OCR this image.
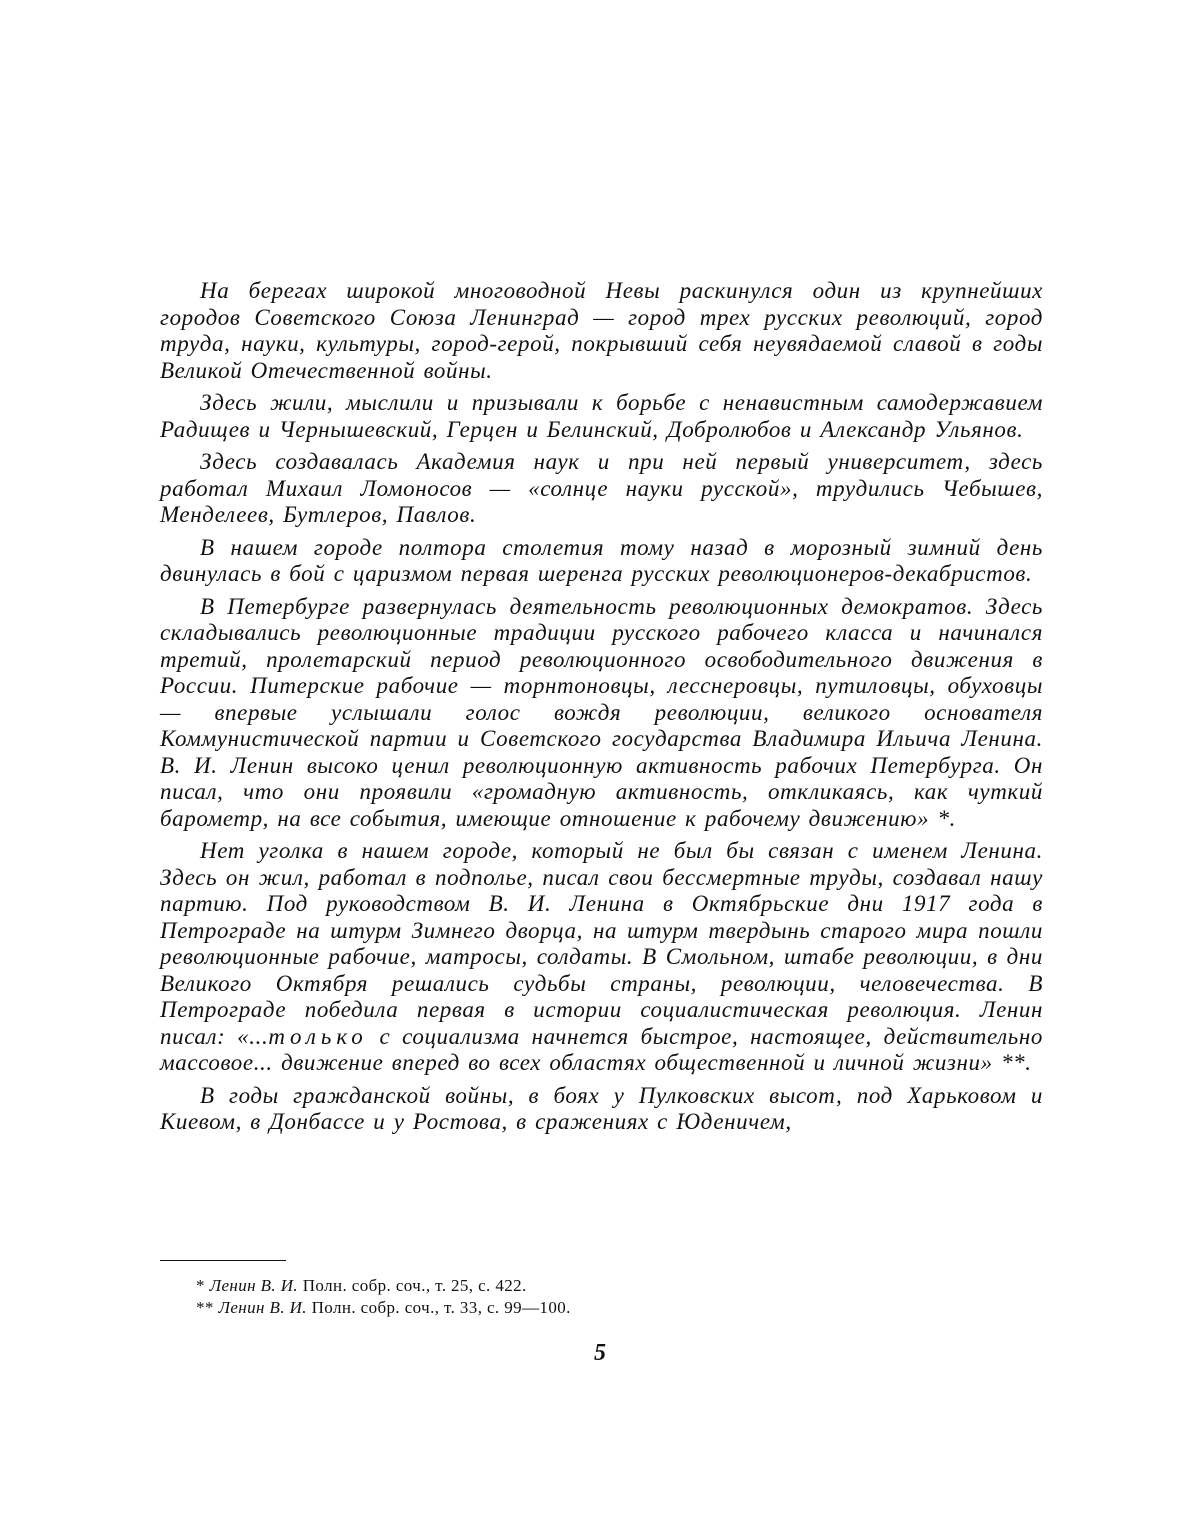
На берегах широкой многоводной Невы раскинулся один из крупнейших городов Советского Союза Ленинград — город трех русских революций, город труда, науки, культуры, город-герой, покрывший себя неувядаемой славой в годы Великой Отечественной войны.

Здесь жили, мыслили и призывали к борьбе с ненавистным самодержавием Радищев и Чернышевский, Герцен и Белинский, Добролюбов и Александр Ульянов.

Здесь создавалась Академия наук и при ней первый университет, здесь работал Михаил Ломоносов — «солнце науки русской», трудились Чебышев, Менделеев, Бутлеров, Павлов.

В нашем городе полтора столетия тому назад в морозный зимний день двинулась в бой с царизмом первая шеренга русских революционеров-декабристов.

В Петербурге развернулась деятельность революционных демократов. Здесь складывались революционные традиции русского рабочего класса и начинался третий, пролетарский период революционного освободительного движения в России. Питерские рабочие — торнтоновцы, лесснеровцы, путиловцы, обуховцы — впервые услышали голос вождя революции, великого основателя Коммунистической партии и Советского государства Владимира Ильича Ленина. В. И. Ленин высоко ценил революционную активность рабочих Петербурга. Он писал, что они проявили «громадную активность, откликаясь, как чуткий барометр, на все события, имеющие отношение к рабочему движению» *.

Нет уголка в нашем городе, который не был бы связан с именем Ленина. Здесь он жил, работал в подполье, писал свои бессмертные труды, создавал нашу партию. Под руководством В. И. Ленина в Октябрьские дни 1917 года в Петрограде на штурм Зимнего дворца, на штурм твердынь старого мира пошли революционные рабочие, матросы, солдаты. В Смольном, штабе революции, в дни Великого Октября решались судьбы страны, революции, человечества. В Петрограде победила первая в истории социалистическая революция. Ленин писал: «...только с социализма начнется быстрое, настоящее, действительно массовое... движение вперед во всех областях общественной и личной жизни» **.

В годы гражданской войны, в боях у Пулковских высот, под Харьковом и Киевом, в Донбассе и у Ростова, в сражениях с Юденичем,

* Ленин В. И. Полн. собр. соч., т. 25, с. 422.

** Ленин В. И. Полн. собр. соч., т. 33, с. 99—100.

5
